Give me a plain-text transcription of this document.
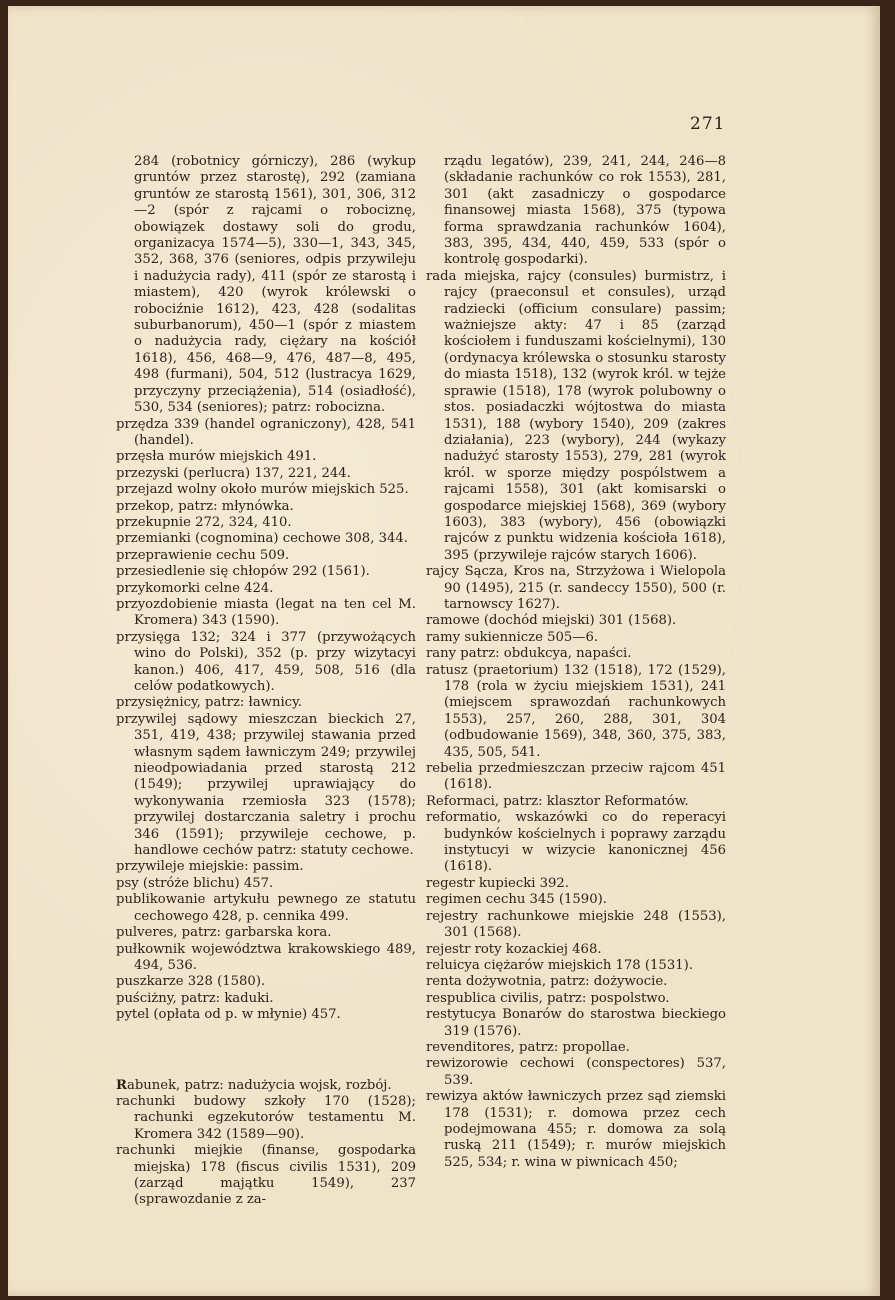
271

284 (robotnicy górniczy), 286 (wykup gruntów przez starostę), 292 (zamiana gruntów ze starostą 1561), 301, 306, 312—2 (spór z rajcami o robociznę, obowiązek dostawy soli do grodu, organizacya 1574—5), 330—1, 343, 345, 352, 368, 376 (seniores, odpis przywileju i nadużycia rady), 411 (spór ze starostą i miastem), 420 (wyrok królewski o robociźnie 1612), 423, 428 (sodalitas suburbanorum), 450—1 (spór z miastem o nadużycia rady, ciężary na kościół 1618), 456, 468—9, 476, 487—8, 495, 498 (furmani), 504, 512 (lustracya 1629, przyczyny przeciążenia), 514 (osiadłość), 530, 534 (seniores); patrz: robocizna.

przędza 339 (handel ograniczony), 428, 541 (handel).

przęsła murów miejskich 491.

przezyski (perlucra) 137, 221, 244.

przejazd wolny około murów miejskich 525.

przekop, patrz: młynówka.

przekupnie 272, 324, 410.

przemianki (cognomina) cechowe 308, 344.

przeprawienie cechu 509.

przesiedlenie się chłopów 292 (1561).

przykomorki celne 424.

przyozdobienie miasta (legat na ten cel M. Kromera) 343 (1590).

przysięga 132; 324 i 377 (przywożących wino do Polski), 352 (p. przy wizytacyi kanon.) 406, 417, 459, 508, 516 (dla celów podatkowych).

przysiężnicy, patrz: ławnicy.

przywilej sądowy mieszczan bieckich 27, 351, 419, 438; przywilej stawania przed własnym sądem ławniczym 249; przywilej nieodpowiadania przed starostą 212 (1549); przywilej uprawiający do wykonywania rzemiosła 323 (1578); przywilej dostarczania saletry i prochu 346 (1591); przywileje cechowe, p. handlowe cechów patrz: statuty cechowe.

przywileje miejskie: passim.

psy (stróże blichu) 457.

publikowanie artykułu pewnego ze statutu cechowego 428, p. cennika 499.

pulveres, patrz: garbarska kora.

pułkownik województwa krakowskiego 489, 494, 536.

puszkarze 328 (1580).

puściżny, patrz: kaduki.

pytel (opłata od p. w młynie) 457.

Rabunek, patrz: nadużycia wojsk, rozbój.

rachunki budowy szkoły 170 (1528); rachunki egzekutorów testamentu M. Kromera 342 (1589—90).

rachunki miejkie (finanse, gospodarka miejska) 178 (fiscus civilis 1531), 209 (zarząd majątku 1549), 237 (sprawozdanie z za-

rządu legatów), 239, 241, 244, 246—8 (składanie rachunków co rok 1553), 281, 301 (akt zasadniczy o gospodarce finansowej miasta 1568), 375 (typowa forma sprawdzania rachunków 1604), 383, 395, 434, 440, 459, 533 (spór o kontrolę gospodarki).

rada miejska, rajcy (consules) burmistrz, i rajcy (praeconsul et consules), urząd radziecki (officium consulare) passim; ważniejsze akty: 47 i 85 (zarząd kościołem i funduszami kościelnymi), 130 (ordynacya królewska o stosunku starosty do miasta 1518), 132 (wyrok król. w tejże sprawie (1518), 178 (wyrok polubowny o stos. posiadaczki wójtostwa do miasta 1531), 188 (wybory 1540), 209 (zakres działania), 223 (wybory), 244 (wykazy nadużyć starosty 1553), 279, 281 (wyrok król. w sporze między pospólstwem a rajcami 1558), 301 (akt komisarski o gospodarce miejskiej 1568), 369 (wybory 1603), 383 (wybory), 456 (obowiązki rajców z punktu widzenia kościoła 1618), 395 (przywileje rajców starych 1606).

rajcy Sącza, Kros na, Strzyżowa i Wielopola 90 (1495), 215 (r. sandeccy 1550), 500 (r. tarnowscy 1627).

ramowe (dochód miejski) 301 (1568).

ramy sukiennicze 505—6.

rany patrz: obdukcya, napaści.

ratusz (praetorium) 132 (1518), 172 (1529), 178 (rola w życiu miejskiem 1531), 241 (miejscem sprawozdań rachunkowych 1553), 257, 260, 288, 301, 304 (odbudowanie 1569), 348, 360, 375, 383, 435, 505, 541.

rebelia przedmieszczan przeciw rajcom 451 (1618).

Reformaci, patrz: klasztor Reformatów.

reformatio, wskazówki co do reperacyi budynków kościelnych i poprawy zarządu instytucyi w wizycie kanonicznej 456 (1618).

regestr kupiecki 392.

regimen cechu 345 (1590).

rejestry rachunkowe miejskie 248 (1553), 301 (1568).

rejestr roty kozackiej 468.

reluicya ciężarów miejskich 178 (1531).

renta dożywotnia, patrz: dożywocie.

respublica civilis, patrz: pospolstwo.

restytucya Bonarów do starostwa bieckiego 319 (1576).

revenditores, patrz: propollae.

rewizorowie cechowi (conspectores) 537, 539.

rewizya aktów ławniczych przez sąd ziemski 178 (1531); r. domowa przez cech podejmowana 455; r. domowa za solą ruską 211 (1549); r. murów miejskich 525, 534; r. wina w piwnicach 450;
